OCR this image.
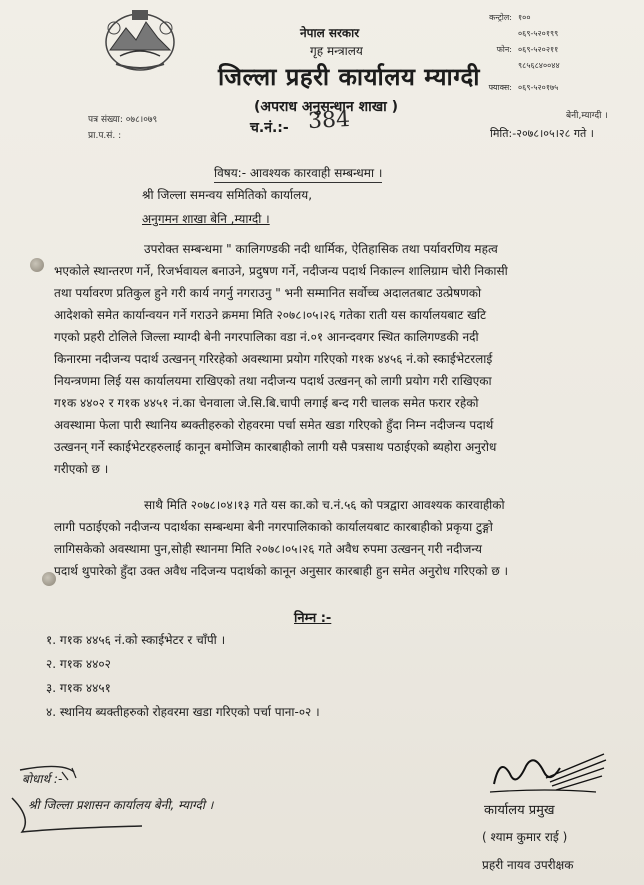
नेपाल सरकार
गृह मन्त्रालय
जिल्ला प्रहरी कार्यालय म्याग्दी
(अपराध अनुसन्धान शाखा )
कन्ट्रोल: १००
०६९-५२०१९९
फोन: ०६९-५२०२११
९८५६८४००४४
फ्याक्स: ०६९-५२०१७५
बेनी,म्याग्दी ।
पत्र संख्या: ०७८।०७९
प्रा.प.सं. :	च.नं.:- 384	मिति:-२०७८।०५।२८ गते ।
विषय:- आवश्यक कारवाही सम्बन्धमा ।
श्री जिल्ला समन्वय समितिको कार्यालय,
अनुगमन शाखा बेनि ,म्याग्दी ।

उपरोक्त सम्बन्धमा " कालिगण्डकी नदी धार्मिक, ऐतिहासिक तथा पर्यावरणिय महत्व

भएकोले स्थान्तरण गर्ने, रिजर्भवायल बनाउने, प्रदुषण गर्ने, नदीजन्य पदार्थ निकाल्न शालिग्राम चोरी निकासी

तथा पर्यावरण प्रतिकुल हुने गरी कार्य नगर्नु नगराउनु " भनी सम्मानित सर्वोच्च अदालतबाट उत्प्रेषणको

आदेशको समेत कार्यान्वयन गर्ने गराउने क्रममा मिति २०७८।०५।२६ गतेका राती यस कार्यालयबाट खटि

गएको प्रहरी टोलिले जिल्ला म्याग्दी बेनी नगरपालिका वडा नं.०१ आनन्दवगर स्थित कालिगण्डकी नदी

किनारमा नदीजन्य पदार्थ उत्खनन् गरिरहेको अवस्थामा प्रयोग गरिएको ग१क ४४५६ नं.को स्काईभेटरलाई

नियन्त्रणमा लिई यस कार्यालयमा राखिएको तथा नदीजन्य पदार्थ उत्खनन् को लागी प्रयोग गरी राखिएका

ग१क ४४०२ र ग१क ४४५१ नं.का चेनवाला जे.सि.बि.चापी लगाई बन्द गरी चालक समेत फरार रहेको

अवस्थामा फेला पारी स्थानिय ब्यक्तीहरुको रोहवरमा पर्चा समेत खडा गरिएको हुँदा निम्न नदीजन्य पदार्थ

उत्खनन् गर्ने स्काईभेटरहरुलाई कानून बमोजिम कारबाहीको लागी यसै पत्रसाथ पठाईएको ब्यहोरा अनुरोध

गरीएको छ ।

साथै मिति २०७८।०४।१३ गते यस का.को च.नं.५६ को पत्रद्वारा आवश्यक कारवाहीको

लागी पठाईएको नदीजन्य पदार्थका सम्बन्धमा बेनी नगरपालिकाको कार्यालयबाट कारबाहीको प्रकृया टुङ्गो

लागिसकेको अवस्थामा पुन,सोही स्थानमा मिति २०७८।०५।२६ गते अवैध रुपमा उत्खनन् गरी नदीजन्य

पदार्थ थुपारेको हुँदा उक्त अवैध नदिजन्य पदार्थको कानून अनुसार कारबाही हुन समेत अनुरोध गरिएको छ ।

निम्न :-
१. ग१क ४४५६ नं.को स्काईभेटर र चाँपी ।
२. ग१क ४४०२
३. ग१क ४४५१
४. स्थानिय ब्यक्तीहरुको रोहवरमा खडा गरिएको पर्चा पाना-०२ ।
बोधार्थ :-
श्री जिल्ला प्रशासन कार्यालय बेनी, म्याग्दी ।	कार्यालय प्रमुख
( श्याम कुमार राई )
प्रहरी नायव उपरीक्षक
